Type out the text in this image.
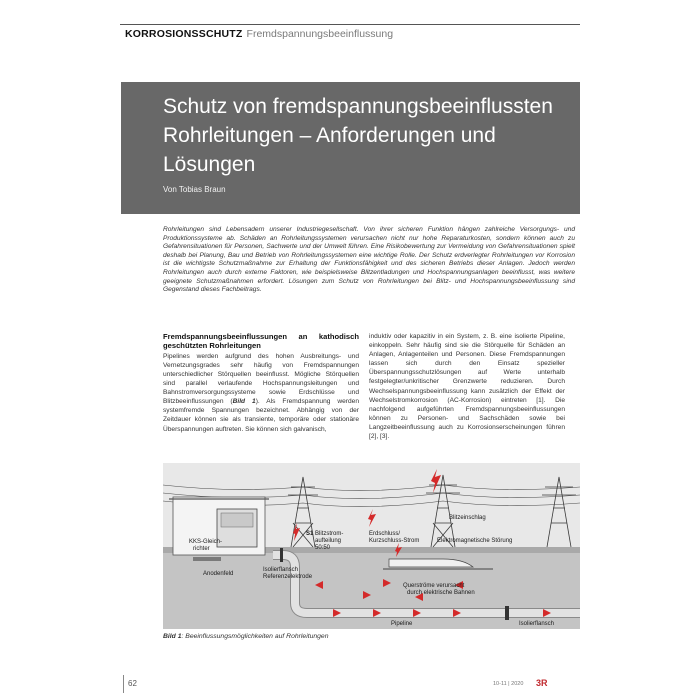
KORROSIONSSCHUTZ Fremdspannungsbeeinflussung
Schutz von fremdspannungsbeeinflussten
Rohrleitungen – Anforderungen und
Lösungen
Von Tobias Braun
Rohrleitungen sind Lebensadern unserer Industriegesellschaft. Von ihrer sicheren Funktion hängen zahlreiche Versorgungs- und Produktionssysteme ab. Schäden an Rohrleitungssystemen verursachen nicht nur hohe Reparaturkosten, sondern können auch zu Gefahrensituationen für Personen, Sachwerte und der Umwelt führen. Eine Risikobewertung zur Vermeidung von Gefahrensituationen spielt deshalb bei Planung, Bau und Betrieb von Rohrleitungssystemen eine wichtige Rolle. Der Schutz erdverlegter Rohrleitungen vor Korrosion ist die wichtigste Schutzmaßnahme zur Erhaltung der Funktionsfähigkeit und des sicheren Betriebs dieser Anlagen. Jedoch werden Rohrleitungen auch durch externe Faktoren, wie beispielsweise Blitzentladungen und Hochspannungsanlagen beeinflusst, was weitere geeignete Schutzmaßnahmen erfordert. Lösungen zum Schutz von Rohrleitungen bei Blitz- und Hochspannungsbeeinflussung sind Gegenstand dieses Fachbeitrags.
Fremdspannungsbeeinflussungen an kathodisch geschützten Rohrleitungen
Pipelines werden aufgrund des hohen Ausbreitungs- und Vernetzungsgrades sehr häufig von Fremdspannungen unterschiedlicher Störquellen beeinflusst. Mögliche Störquellen sind parallel verlaufende Hochspannungsleitungen und Bahnstromversorgungssysteme sowie Erdschlüsse und Blitzbeeinflussungen (Bild 1). Als Fremdspannung werden systemfremde Spannungen bezeichnet. Abhängig von der Zeitdauer können sie als transiente, temporäre oder stationäre Überspannungen auftreten. Sie können sich galvanisch,
induktiv oder kapazitiv in ein System, z. B. eine isolierte Pipeline, einkoppeln. Sehr häufig sind sie die Störquelle für Schäden an Anlagen, Anlagenteilen und Personen. Diese Fremdspannungen lassen sich durch den Einsatz spezieller Überspannungsschutzlösungen auf Werte unterhalb festgelegter/unkritischer Grenzwerte reduzieren. Durch Wechselspannungsbeeinflussung kann zusätzlich der Effekt der Wechselstromkorrosion (AC-Korrosion) eintreten [1]. Die nachfolgend aufgeführten Fremdspannungsbeeinflussungen können zu Personen- und Sachschäden sowie bei Langzeitbeeinflussung auch zu Korrosionserscheinungen führen [2], [3].
Blitzeinschlag
KKS-Gleich-
richter
S1 Blitzstrom-
aufteilung
50:50
Erdschluss/
Kurzschluss-Strom	Elektromagnetische Störung
Isolierflansch
Referenzelektrode
Anodenfeld
Querströme verursacht
durch elektrische Bahnen
Pipeline	Isolierflansch
Bild 1: Beeinflussungsmöglichkeiten auf Rohrleitungen
62	10-11 | 2020 3R
